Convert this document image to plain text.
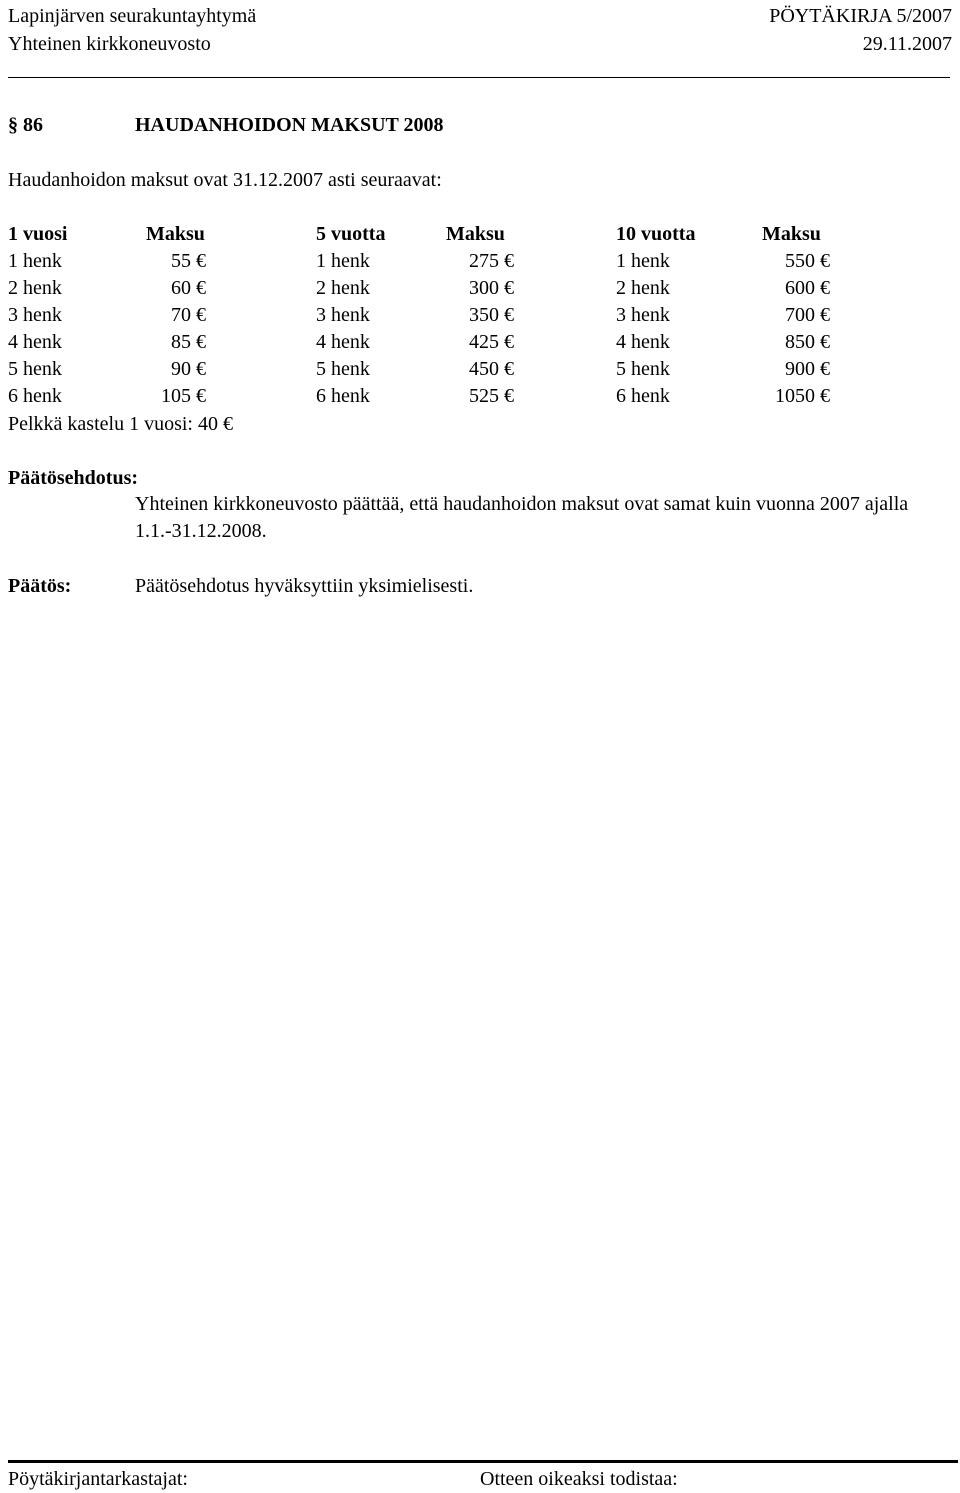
Lapinjärven seurakuntayhtymä	PÖYTÄKIRJA 5/2007
Yhteinen kirkkoneuvosto	29.11.2007
§ 86	HAUDANHOIDON MAKSUT 2008
Haudanhoidon maksut ovat 31.12.2007 asti seuraavat:
1 vuosi	Maksu	5 vuotta	Maksu	10 vuotta	Maksu
1 henk	55 €	1 henk	275 €	1 henk	550 €
2 henk	60 €	2 henk	300 €	2 henk	600 €
3 henk	70 €	3 henk	350 €	3 henk	700 €
4 henk	85 €	4 henk	425 €	4 henk	850 €
5 henk	90 €	5 henk	450 €	5 henk	900 €
6 henk	105 €	6 henk	525 €	6 henk	1050 €
Pelkkä kastelu 1 vuosi: 40 €
Päätösehdotus:
Yhteinen kirkkoneuvosto päättää, että haudanhoidon maksut ovat samat kuin vuonna 2007 ajalla 1.1.-31.12.2008.
Päätös:	Päätösehdotus hyväksyttiin yksimielisesti.
Pöytäkirjantarkastajat:	Otteen oikeaksi todistaa:
